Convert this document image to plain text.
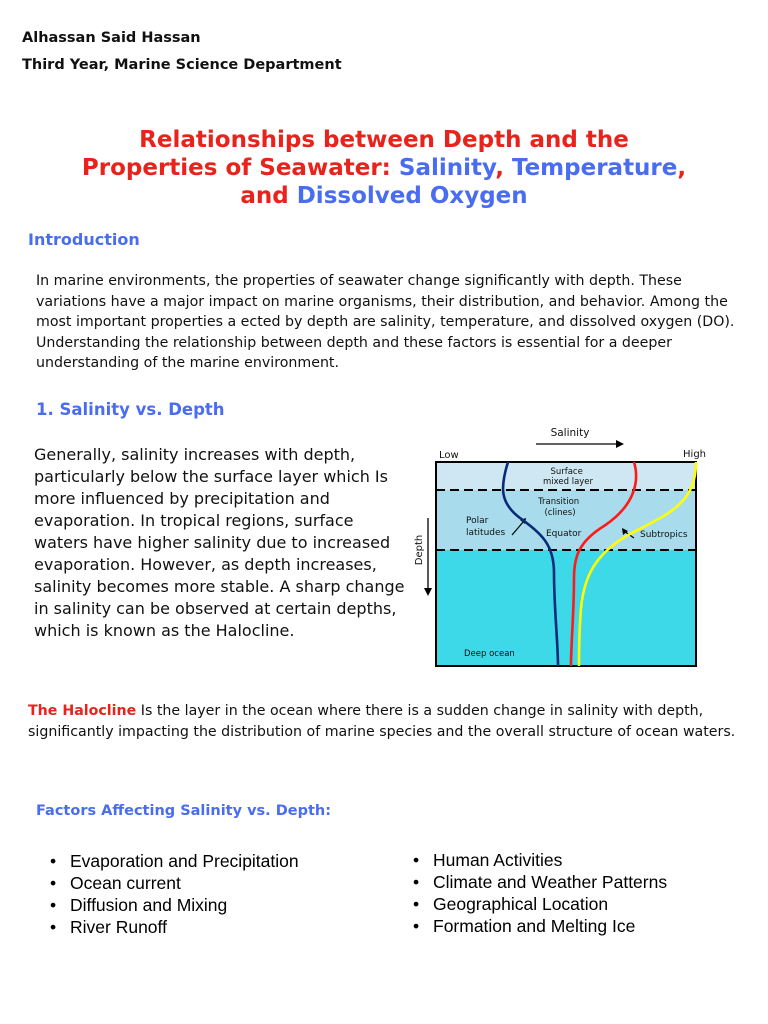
Alhassan Said Hassan
Third Year, Marine Science Department
Relationships between Depth and the
Properties of Seawater: Salinity, Temperature,
and Dissolved Oxygen
Introduction
In marine environments, the properties of seawater change significantly with depth. These variations have a major impact on marine organisms, their distribution, and behavior. Among the most important properties a ected by depth are salinity, temperature, and dissolved oxygen (DO). Understanding the relationship between depth and these factors is essential for a deeper understanding of the marine environment.
1. Salinity vs. Depth
Generally, salinity increases with depth, particularly below the surface layer which Is more influenced by precipitation and evaporation. In tropical regions, surface waters have higher salinity due to increased evaporation. However, as depth increases, salinity becomes more stable. A sharp change in salinity can be observed at certain depths, which is known as the Halocline.
Salinity
Low	High
Depth
Surface mixed layer
Transition (clines)
Polar latitudes	Equator	Subtropics
Deep ocean
The Halocline Is the layer in the ocean where there is a sudden change in salinity with depth, significantly impacting the distribution of marine species and the overall structure of ocean waters.
Factors Affecting Salinity vs. Depth:
• Evaporation and Precipitation
• Ocean current
• Diffusion and Mixing
• River Runoff
• Human Activities
• Climate and Weather Patterns
• Geographical Location
• Formation and Melting Ice
